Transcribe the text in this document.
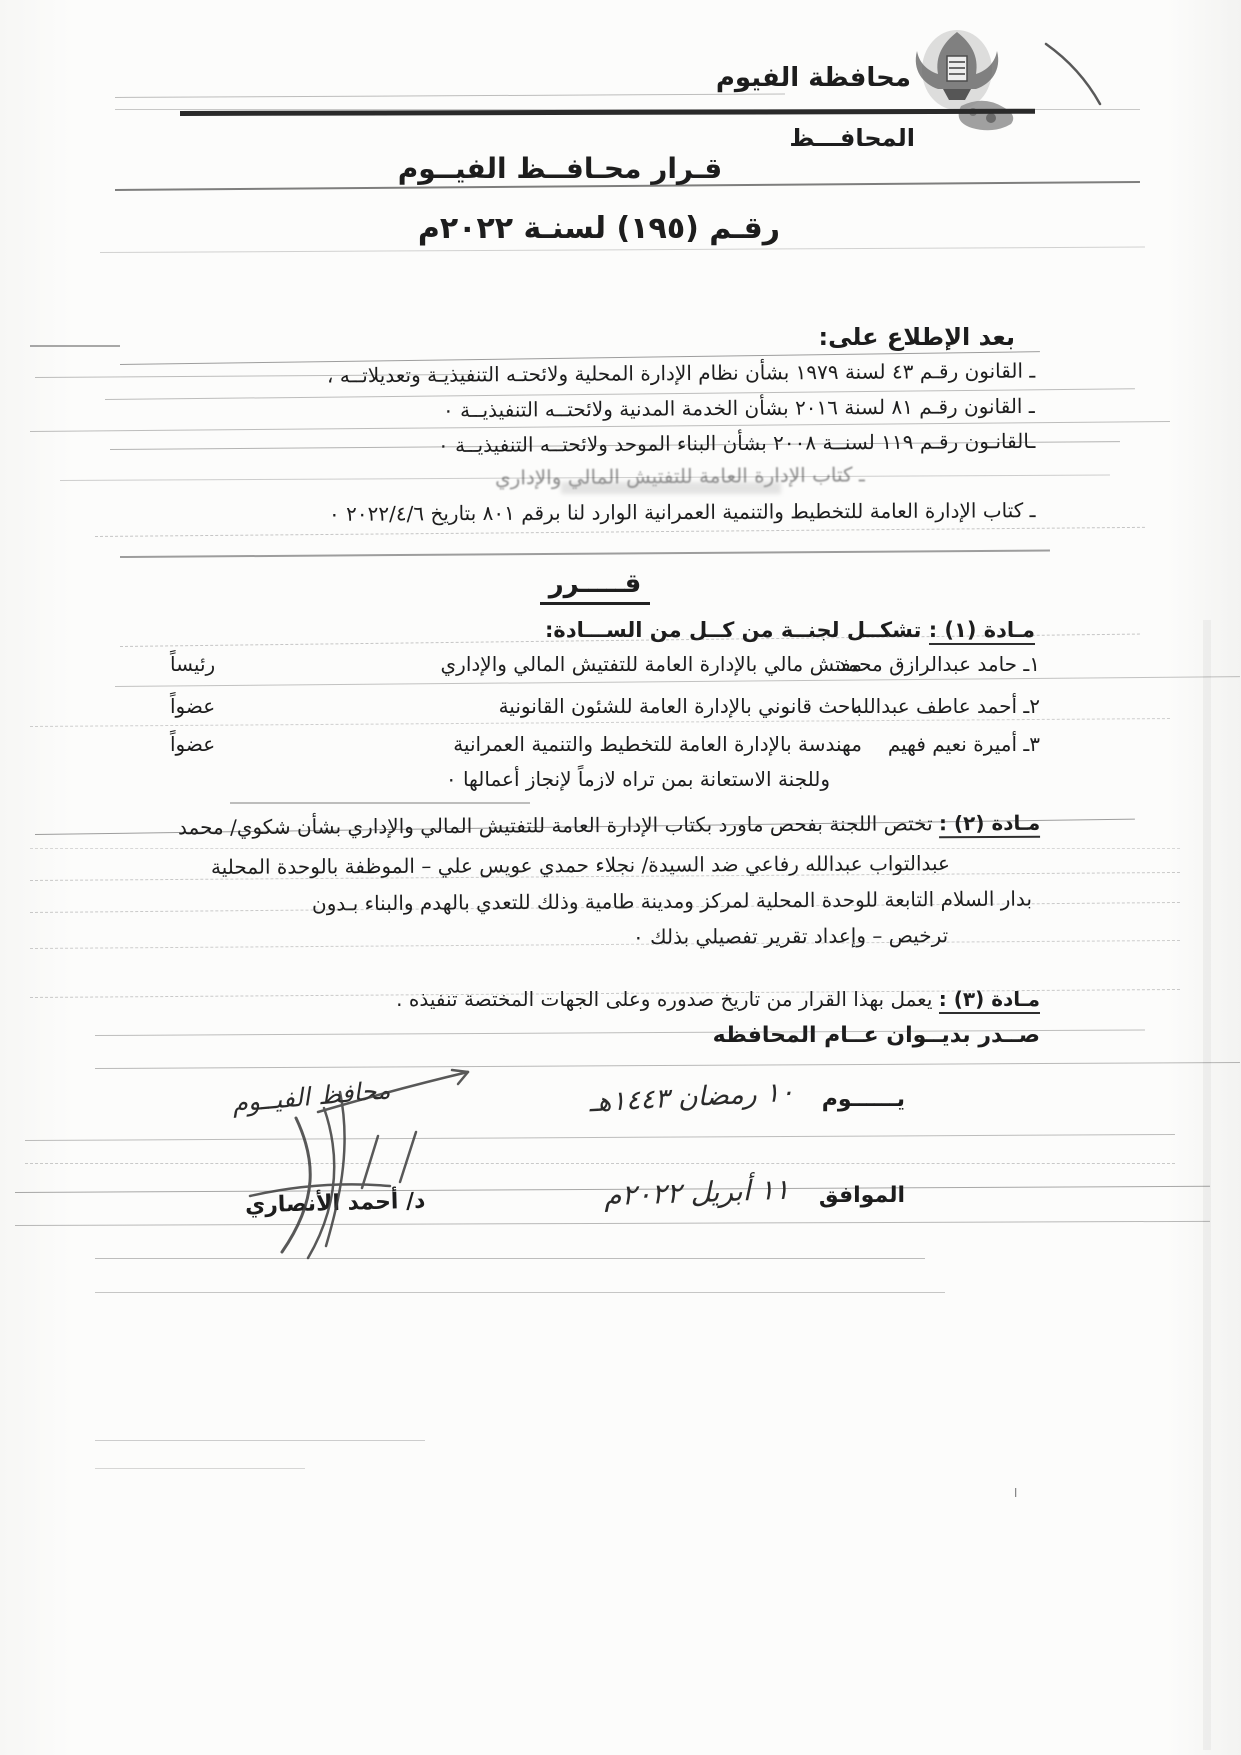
محافظة الفيوم
المحافـــظ
قـرار محـافــظ الفيــوم
رقـم (١٩٥) لسنـة ٢٠٢٢م
بعد الإطلاع على:
ـ القانون رقـم ٤٣ لسنة ١٩٧٩ بشأن نظام الإدارة المحلية ولائحتـه التنفيذيـة وتعديلاتــه ،
ـ القانون رقـم ٨١ لسنة ٢٠١٦ بشأن الخدمة المدنية ولائحتــه التنفيذيــة ٠
ـالقانـون رقـم ١١٩ لسنــة ٢٠٠٨ بشأن البناء الموحد ولائحتــه التنفيذيــة ٠
ـ كتاب الإدارة العامة للتفتيش المالي والإداري
ـ كتاب الإدارة العامة للتخطيط والتنمية العمرانية الوارد لنا برقم ٨٠١ بتاريخ ٢٠٢٢/٤/٦ ٠
قـــــرر
مـادة (١) : تشكــل لجنــة من كــل من الســـادة:
١ـ حامد عبدالرازق محمد
مفتش مالي بالإدارة العامة للتفتيش المالي والإداري
رئيساً
٢ـ أحمد عاطف عبدالله
باحث قانوني بالإدارة العامة للشئون القانونية
عضواً
٣ـ أميرة نعيم فهيم
مهندسة بالإدارة العامة للتخطيط والتنمية العمرانية
عضواً
وللجنة الاستعانة بمن تراه لازماً لإنجاز أعمالها ٠
مـادة (٢) : تختص اللجنة بفحص ماورد بكتاب الإدارة العامة للتفتيش المالي والإداري بشأن شكوي/ محمد
عبدالتواب عبدالله رفاعي ضد السيدة/ نجلاء حمدي عويس علي – الموظفة بالوحدة المحلية
بدار السلام التابعة للوحدة المحلية لمركز ومدينة طامية وذلك للتعدي بالهدم والبناء بـدون
ترخيص – وإعداد تقرير تفصيلي بذلك ٠
مـادة (٣) : يعمل بهذا القرار من تاريخ صدوره وعلى الجهات المختصة تنفيذه .
صــدر بديــوان عــام المحافظه
يــــــوم ١٠ رمضان ١٤٤٣هـ
محافظ الفيــوم
الموافق ١١ أبريل ٢٠٢٢م
د/ أحمد الأنصاري
ا
